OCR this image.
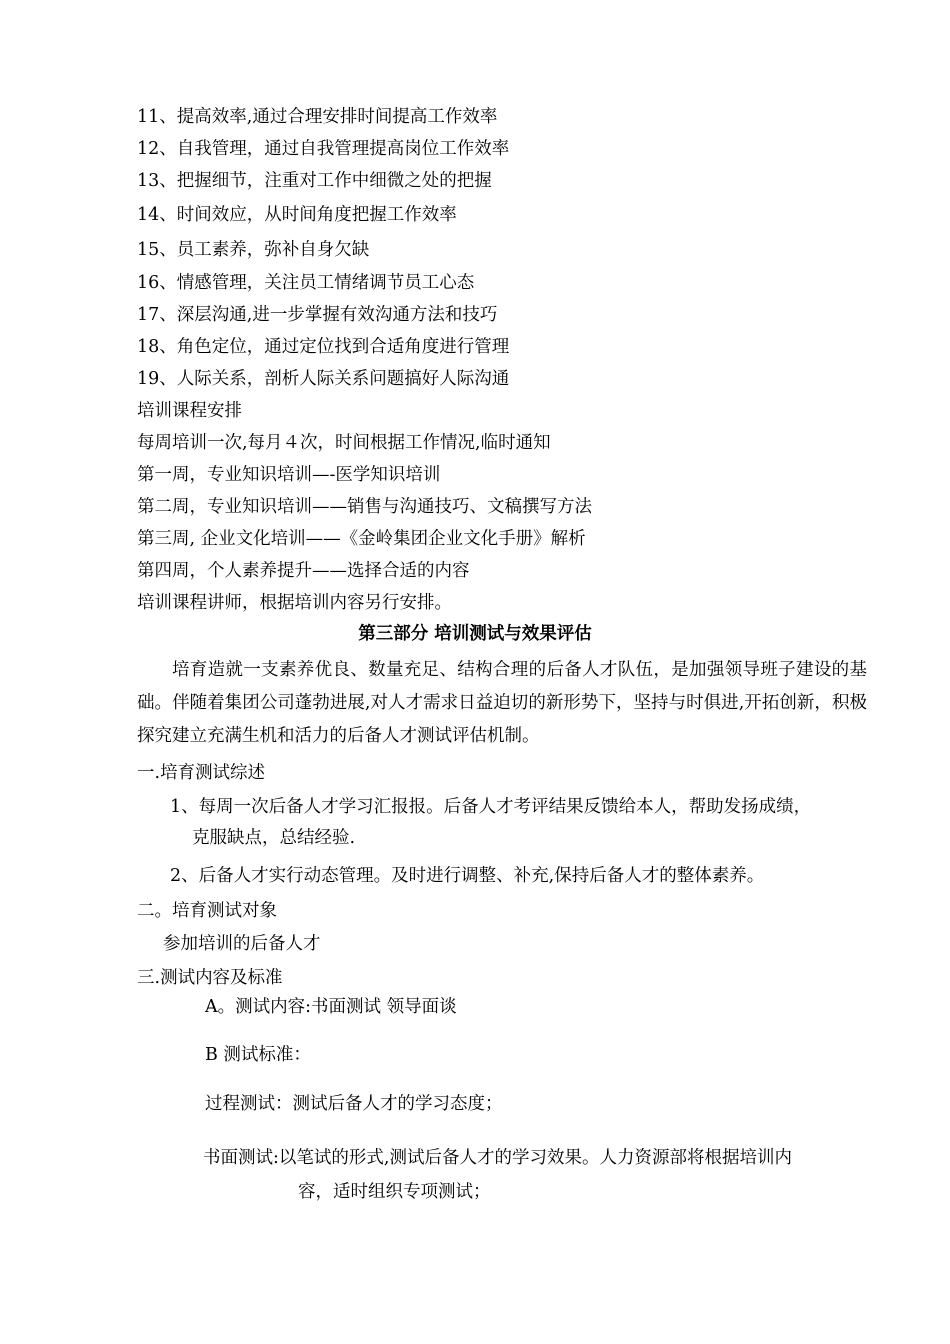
11、提高效率,通过合理安排时间提高工作效率
12、自我管理，通过自我管理提高岗位工作效率
13、把握细节，注重对工作中细微之处的把握
14、时间效应，从时间角度把握工作效率
15、员工素养，弥补自身欠缺
16、情感管理，关注员工情绪调节员工心态
17、深层沟通,进一步掌握有效沟通方法和技巧
18、角色定位，通过定位找到合适角度进行管理
19、人际关系，剖析人际关系问题搞好人际沟通
培训课程安排
每周培训一次,每月４次，时间根据工作情况,临时通知
第一周，专业知识培训—-医学知识培训
第二周，专业知识培训——销售与沟通技巧、文稿撰写方法
第三周, 企业文化培训——《金岭集团企业文化手册》解析
第四周，个人素养提升——选择合适的内容
培训课程讲师，根据培训内容另行安排。
第三部分 培训测试与效果评估
培育造就一支素养优良、数量充足、结构合理的后备人才队伍，是加强领导班子建设的基础。伴随着集团公司蓬勃进展,对人才需求日益迫切的新形势下，坚持与时俱进,开拓创新，积极探究建立充满生机和活力的后备人才测试评估机制。
一.培育测试综述
1、每周一次后备人才学习汇报报。后备人才考评结果反馈给本人，帮助发扬成绩，
克服缺点，总结经验.
2、后备人才实行动态管理。及时进行调整、补充,保持后备人才的整体素养。
二。培育测试对象
参加培训的后备人才
三.测试内容及标准
A。测试内容:书面测试 领导面谈
B 测试标准：
过程测试：测试后备人才的学习态度；
书面测试:以笔试的形式,测试后备人才的学习效果。人力资源部将根据培训内
容，适时组织专项测试；
